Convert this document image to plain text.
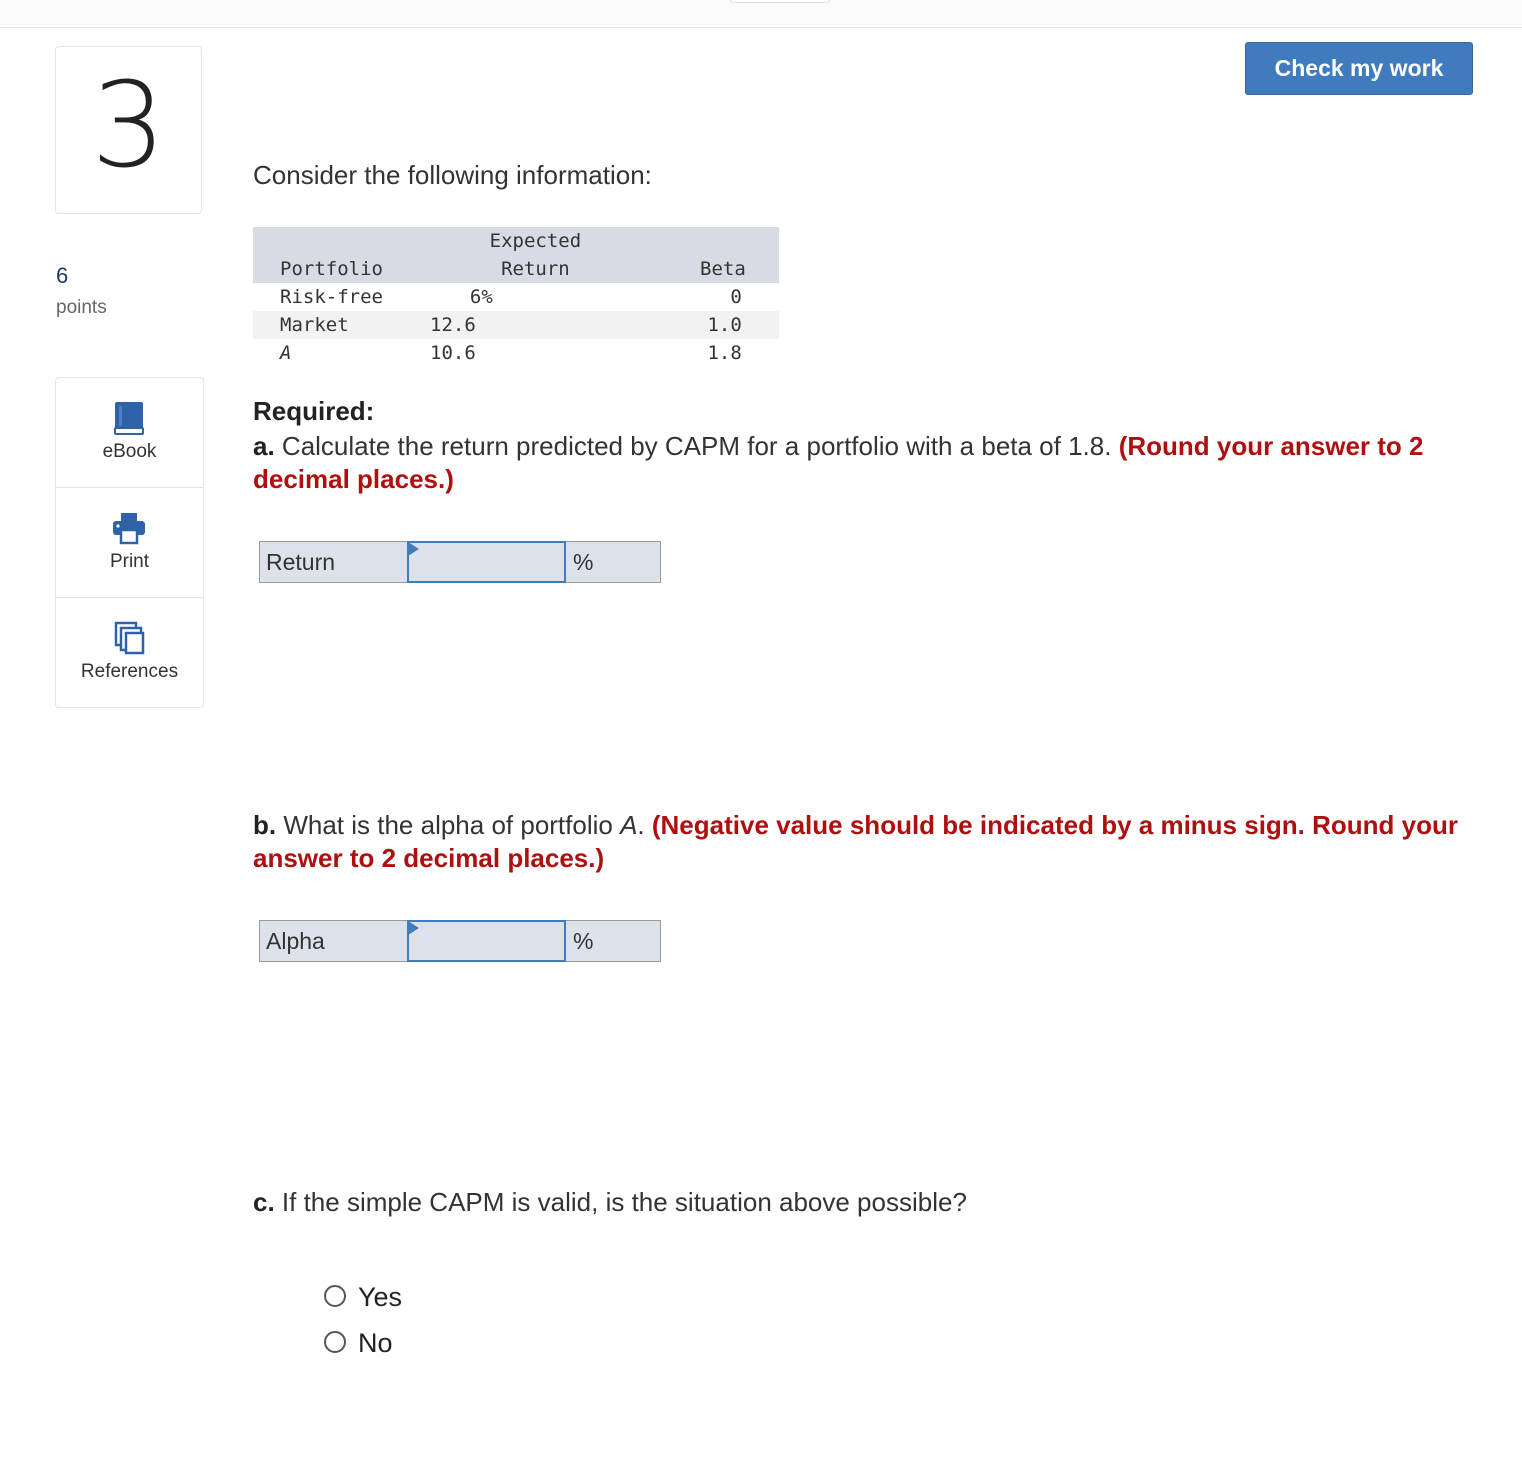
3
6
points
eBook
Print
References
Check my work
Consider the following information:
	Expected	
Portfolio	Return	Beta
Risk-free	6%	0
Market	12.6	1.0
A	10.6	1.8
Required:
a. Calculate the return predicted by CAPM for a portfolio with a beta of 1.8. (Round your answer to 2 decimal places.)
Return	%
b. What is the alpha of portfolio A. (Negative value should be indicated by a minus sign. Round your answer to 2 decimal places.)
Alpha	%
c. If the simple CAPM is valid, is the situation above possible?
Yes
No
